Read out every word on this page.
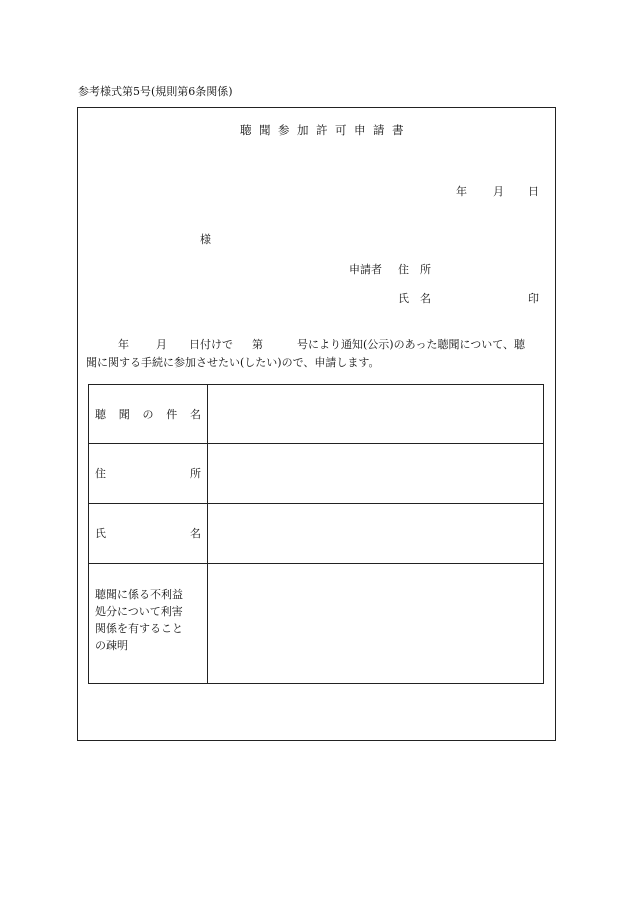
参考様式第5号(規則第6条関係)
聴 聞 参 加 許 可 申 請 書
年 月 日
様
申請者 住　所
氏　名	印
年 月 日付けで 第	号により通知(公示)のあった聴聞について、聴
聞に関する手続に参加させたい(したい)ので、申請します。
聴 聞 の 件 名	

住 所	

氏 名	

聴聞に係る不利益
処分について利害
関係を有すること
の疎明	
